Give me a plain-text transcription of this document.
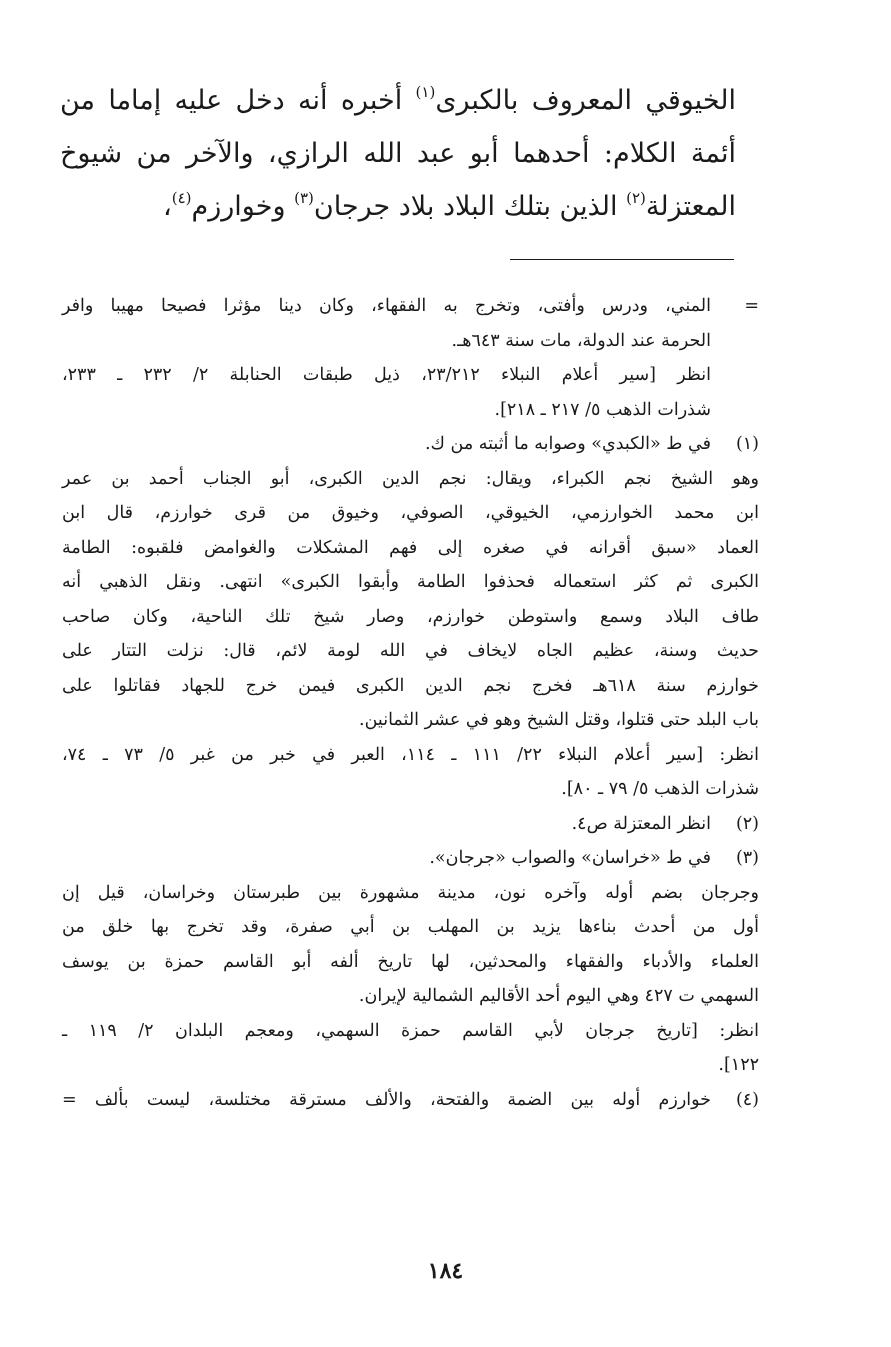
الخيوقي المعروف بالكبرى$^{(١)}$ أخبره أنه دخل عليه إماما من

أئمة الكلام: أحدهما أبو عبد الله الرازي، والآخر من شيوخ

المعتزلة$^{(٢)}$ الذين بتلك البلاد بلاد جرجان$^{(٣)}$ وخوارزم$^{(٤)}$،

=
المني، ودرس وأفتى، وتخرج به الفقهاء، وكان دينا مؤثرا فصيحا مهيبا وافر
الحرمة عند الدولة، مات سنة ٦٤٣هـ.
انظر [سير أعلام النبلاء ٢٣/٢١٢، ذيل طبقات الحنابلة ٢/ ٢٣٢ ـ ٢٣٣،
شذرات الذهب ٥/ ٢١٧ ـ ٢١٨].
(١)
في ط «الكبدي» وصوابه ما أثبته من ك.
وهو الشيخ نجم الكبراء، ويقال: نجم الدين الكبرى، أبو الجناب أحمد بن عمر
ابن محمد الخوارزمي، الخيوقي، الصوفي، وخيوق من قرى خوارزم، قال ابن
العماد «سبق أقرانه في صغره إلى فهم المشكلات والغوامض فلقبوه: الطامة
الكبرى ثم كثر استعماله فحذفوا الطامة وأبقوا الكبرى» انتهى. ونقل الذهبي أنه
طاف البلاد وسمع واستوطن خوارزم، وصار شيخ تلك الناحية، وكان صاحب
حديث وسنة، عظيم الجاه لايخاف في الله لومة لائم، قال: نزلت التتار على
خوارزم سنة ٦١٨هـ فخرج نجم الدين الكبرى فيمن خرج للجهاد فقاتلوا على
باب البلد حتى قتلوا، وقتل الشيخ وهو في عشر الثمانين.
انظر: [سير أعلام النبلاء ٢٢/ ١١١ ـ ١١٤، العبر في خبر من غبر ٥/ ٧٣ ـ ٧٤،
شذرات الذهب ٥/ ٧٩ ـ ٨٠].
(٢)
انظر المعتزلة ص٤.
(٣)
في ط «خراسان» والصواب «جرجان».
وجرجان بضم أوله وآخره نون، مدينة مشهورة بين طبرستان وخراسان، قيل إن
أول من أحدث بناءها يزيد بن المهلب بن أبي صفرة، وقد تخرج بها خلق من
العلماء والأدباء والفقهاء والمحدثين، لها تاريخ ألفه أبو القاسم حمزة بن يوسف
السهمي ت ٤٢٧ وهي اليوم أحد الأقاليم الشمالية لإيران.
انظر: [تاريخ جرجان لأبي القاسم حمزة السهمي، ومعجم البلدان ٢/ ١١٩ ـ
١٢٢].
(٤)
خوارزم أوله بين الضمة والفتحة، والألف مسترقة مختلسة، ليست بألف =
١٨٤
